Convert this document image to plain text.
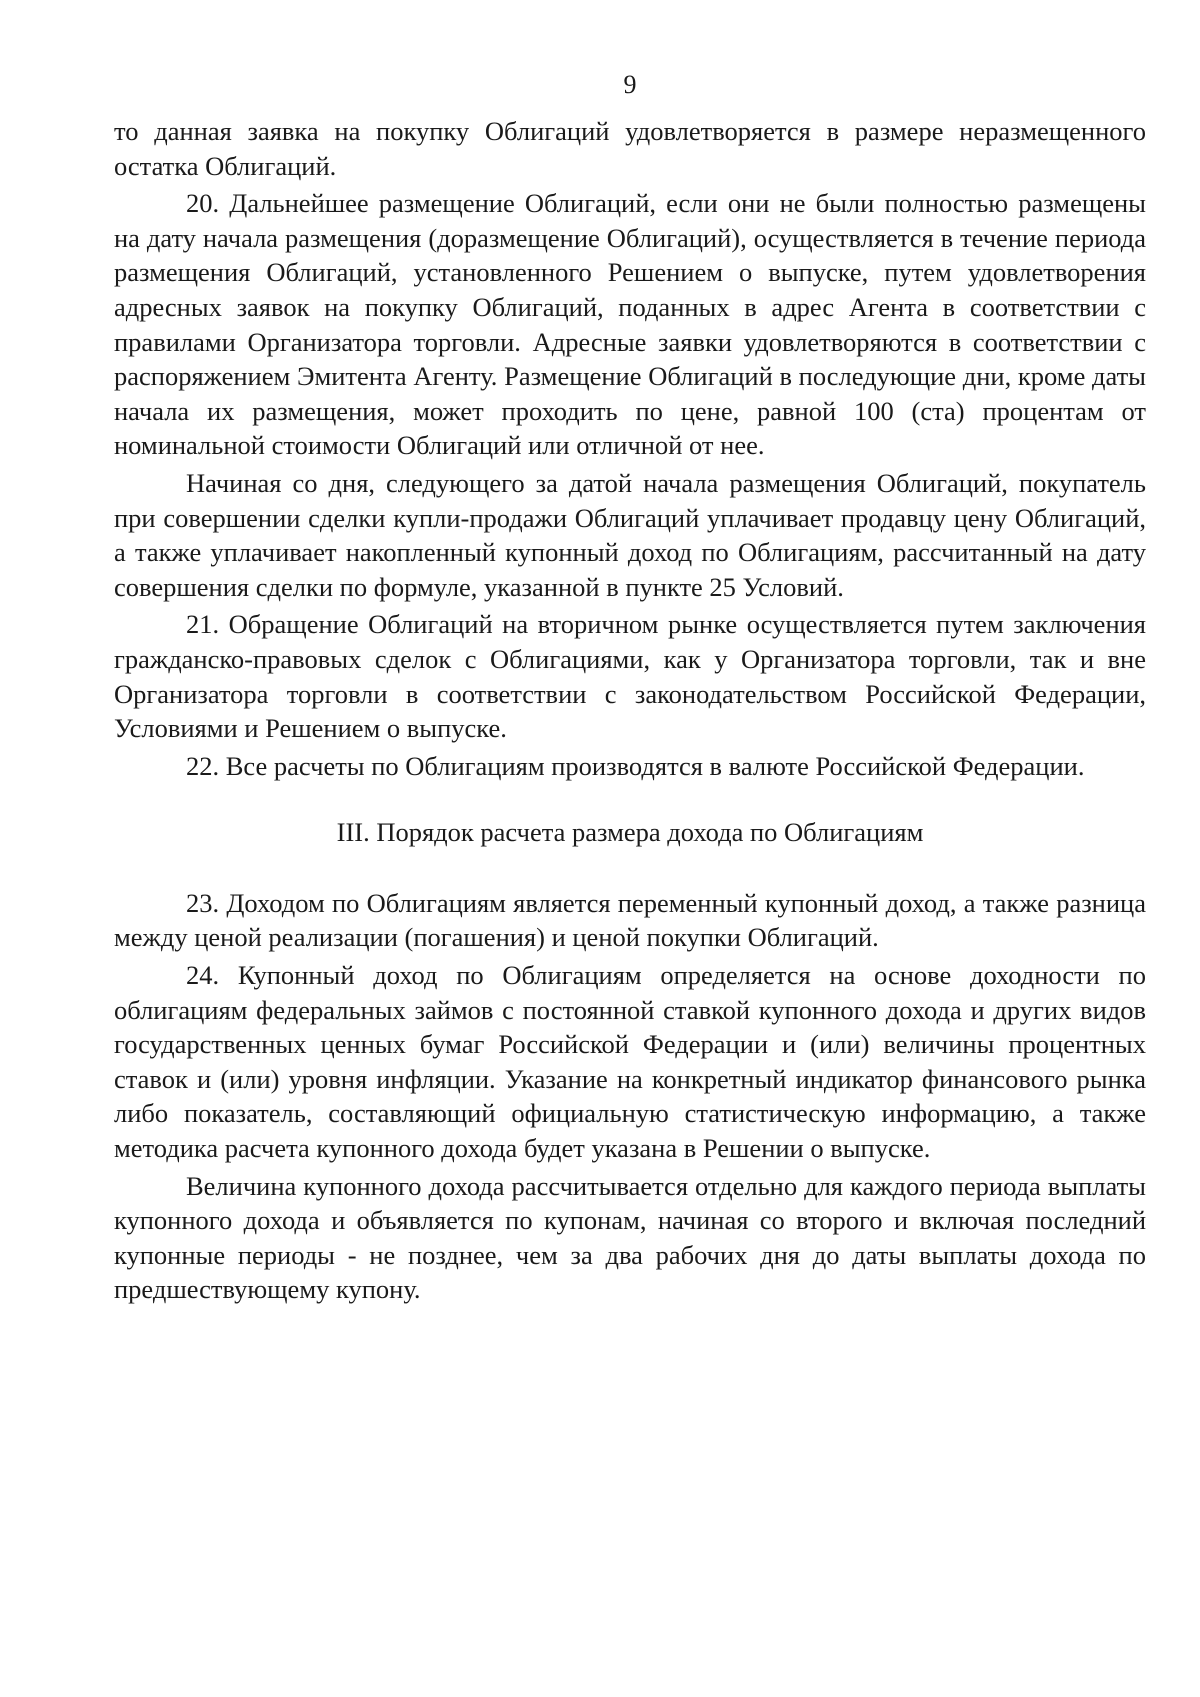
9

то данная заявка на покупку Облигаций удовлетворяется в размере неразмещенного остатка Облигаций.

20. Дальнейшее размещение Облигаций, если они не были полностью размещены на дату начала размещения (доразмещение Облигаций), осуществляется в течение периода размещения Облигаций, установленного Решением о выпуске, путем удовлетворения адресных заявок на покупку Облигаций, поданных в адрес Агента в соответствии с правилами Организатора торговли. Адресные заявки удовлетворяются в соответствии с распоряжением Эмитента Агенту. Размещение Облигаций в последующие дни, кроме даты начала их размещения, может проходить по цене, равной 100 (ста) процентам от номинальной стоимости Облигаций или отличной от нее.

Начиная со дня, следующего за датой начала размещения Облигаций, покупатель при совершении сделки купли-продажи Облигаций уплачивает продавцу цену Облигаций, а также уплачивает накопленный купонный доход по Облигациям, рассчитанный на дату совершения сделки по формуле, указанной в пункте 25 Условий.

21. Обращение Облигаций на вторичном рынке осуществляется путем заключения гражданско-правовых сделок с Облигациями, как у Организатора торговли, так и вне Организатора торговли в соответствии с законодательством Российской Федерации, Условиями и Решением о выпуске.

22. Все расчеты по Облигациям производятся в валюте Российской Федерации.

III. Порядок расчета размера дохода по Облигациям

23. Доходом по Облигациям является переменный купонный доход, а также разница между ценой реализации (погашения) и ценой покупки Облигаций.

24. Купонный доход по Облигациям определяется на основе доходности по облигациям федеральных займов с постоянной ставкой купонного дохода и других видов государственных ценных бумаг Российской Федерации и (или) величины процентных ставок и (или) уровня инфляции. Указание на конкретный индикатор финансового рынка либо показатель, составляющий официальную статистическую информацию, а также методика расчета купонного дохода будет указана в Решении о выпуске.

Величина купонного дохода рассчитывается отдельно для каждого периода выплаты купонного дохода и объявляется по купонам, начиная со второго и включая последний купонные периоды - не позднее, чем за два рабочих дня до даты выплаты дохода по предшествующему купону.
